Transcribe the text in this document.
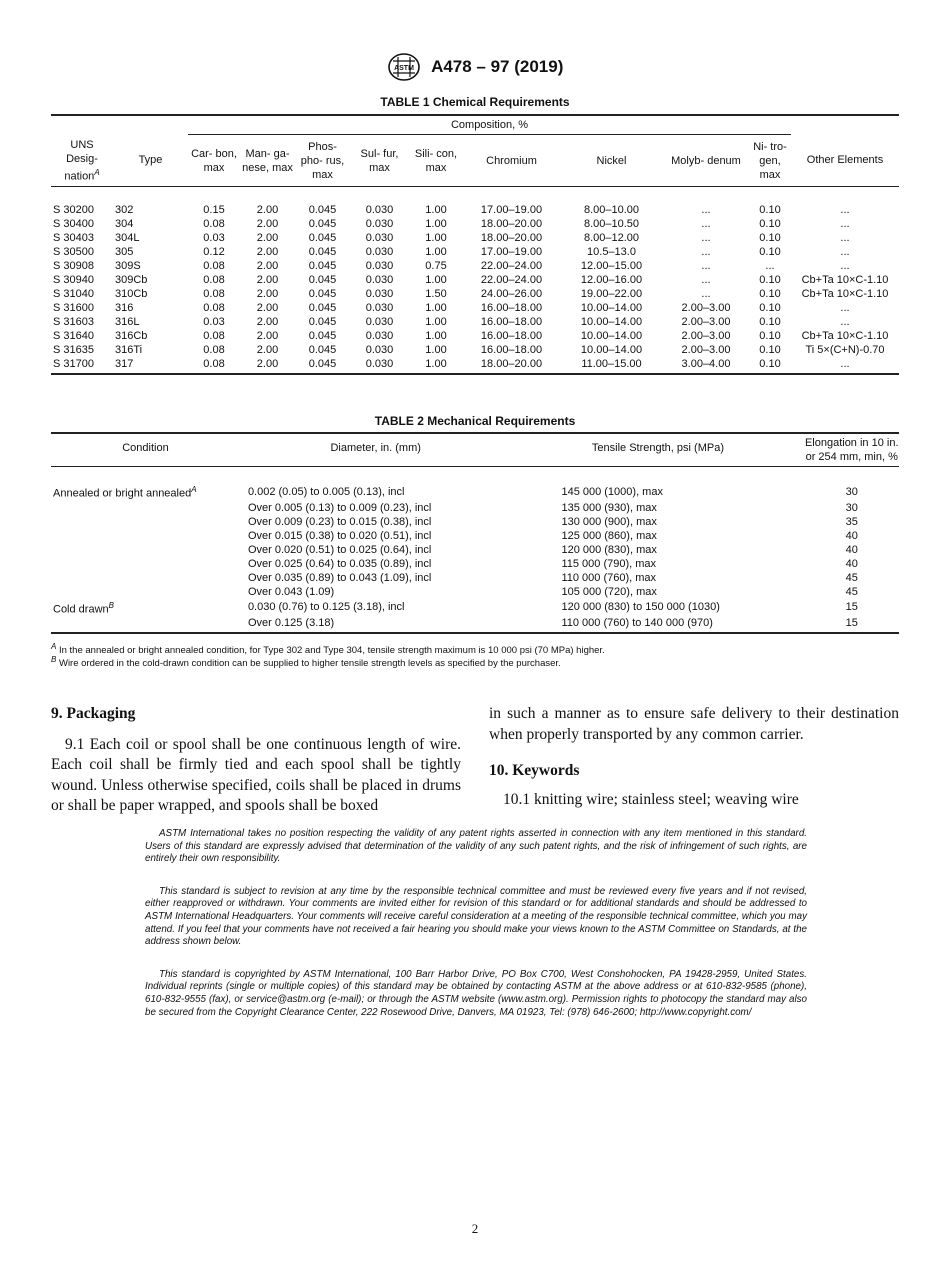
ASTM A478 – 97 (2019)
TABLE 1 Chemical Requirements
		Composition, %									
UNS Desig- nation$^A$	Type	Car- bon, max	Man- ga- nese, max	Phos- pho- rus, max	Sul- fur, max	Sili- con, max	Chromium	Nickel	Molyb- denum	Ni- tro- gen, max	Other Elements
S 30200	302	0.15	2.00	0.045	0.030	1.00	17.00–19.00	8.00–10.00	...	0.10	...
S 30400	304	0.08	2.00	0.045	0.030	1.00	18.00–20.00	8.00–10.50	...	0.10	...
S 30403	304L	0.03	2.00	0.045	0.030	1.00	18.00–20.00	8.00–12.00	...	0.10	...
S 30500	305	0.12	2.00	0.045	0.030	1.00	17.00–19.00	10.5–13.0	...	0.10	...
S 30908	309S	0.08	2.00	0.045	0.030	0.75	22.00–24.00	12.00–15.00	...	...	...
S 30940	309Cb	0.08	2.00	0.045	0.030	1.00	22.00–24.00	12.00–16.00	...	0.10	Cb+Ta 10×C-1.10
S 31040	310Cb	0.08	2.00	0.045	0.030	1.50	24.00–26.00	19.00–22.00	...	0.10	Cb+Ta 10×C-1.10
S 31600	316	0.08	2.00	0.045	0.030	1.00	16.00–18.00	10.00–14.00	2.00–3.00	0.10	...
S 31603	316L	0.03	2.00	0.045	0.030	1.00	16.00–18.00	10.00–14.00	2.00–3.00	0.10	...
S 31640	316Cb	0.08	2.00	0.045	0.030	1.00	16.00–18.00	10.00–14.00	2.00–3.00	0.10	Cb+Ta 10×C-1.10
S 31635	316Ti	0.08	2.00	0.045	0.030	1.00	16.00–18.00	10.00–14.00	2.00–3.00	0.10	Ti 5×(C+N)-0.70
S 31700	317	0.08	2.00	0.045	0.030	1.00	18.00–20.00	11.00–15.00	3.00–4.00	0.10	...
TABLE 2 Mechanical Requirements
Condition	Diameter, in. (mm)	Tensile Strength, psi (MPa)	Elongation in 10 in. or 254 mm, min, %
Annealed or bright annealed$^A$	0.002 (0.05) to 0.005 (0.13), incl	145 000 (1000), max	30
	Over 0.005 (0.13) to 0.009 (0.23), incl	135 000 (930), max	30
	Over 0.009 (0.23) to 0.015 (0.38), incl	130 000 (900), max	35
	Over 0.015 (0.38) to 0.020 (0.51), incl	125 000 (860), max	40
	Over 0.020 (0.51) to 0.025 (0.64), incl	120 000 (830), max	40
	Over 0.025 (0.64) to 0.035 (0.89), incl	115 000 (790), max	40
	Over 0.035 (0.89) to 0.043 (1.09), incl	110 000 (760), max	45
	Over 0.043 (1.09)	105 000 (720), max	45
Cold drawn$^B$	0.030 (0.76) to 0.125 (3.18), incl	120 000 (830) to 150 000 (1030)	15
	Over 0.125 (3.18)	110 000 (760) to 140 000 (970)	15
$^A$ In the annealed or bright annealed condition, for Type 302 and Type 304, tensile strength maximum is 10 000 psi (70 MPa) higher.
$^B$ Wire ordered in the cold-drawn condition can be supplied to higher tensile strength levels as specified by the purchaser.
9. Packaging

9.1 Each coil or spool shall be one continuous length of wire. Each coil shall be firmly tied and each spool shall be tightly wound. Unless otherwise specified, coils shall be placed in drums or shall be paper wrapped, and spools shall be boxed

in such a manner as to ensure safe delivery to their destination when properly transported by any common carrier.

10. Keywords

10.1 knitting wire; stainless steel; weaving wire

ASTM International takes no position respecting the validity of any patent rights asserted in connection with any item mentioned in this standard. Users of this standard are expressly advised that determination of the validity of any such patent rights, and the risk of infringement of such rights, are entirely their own responsibility.

This standard is subject to revision at any time by the responsible technical committee and must be reviewed every five years and if not revised, either reapproved or withdrawn. Your comments are invited either for revision of this standard or for additional standards and should be addressed to ASTM International Headquarters. Your comments will receive careful consideration at a meeting of the responsible technical committee, which you may attend. If you feel that your comments have not received a fair hearing you should make your views known to the ASTM Committee on Standards, at the address shown below.

This standard is copyrighted by ASTM International, 100 Barr Harbor Drive, PO Box C700, West Conshohocken, PA 19428-2959, United States. Individual reprints (single or multiple copies) of this standard may be obtained by contacting ASTM at the above address or at 610-832-9585 (phone), 610-832-9555 (fax), or service@astm.org (e-mail); or through the ASTM website (www.astm.org). Permission rights to photocopy the standard may also be secured from the Copyright Clearance Center, 222 Rosewood Drive, Danvers, MA 01923, Tel: (978) 646-2600; http://www.copyright.com/

2
